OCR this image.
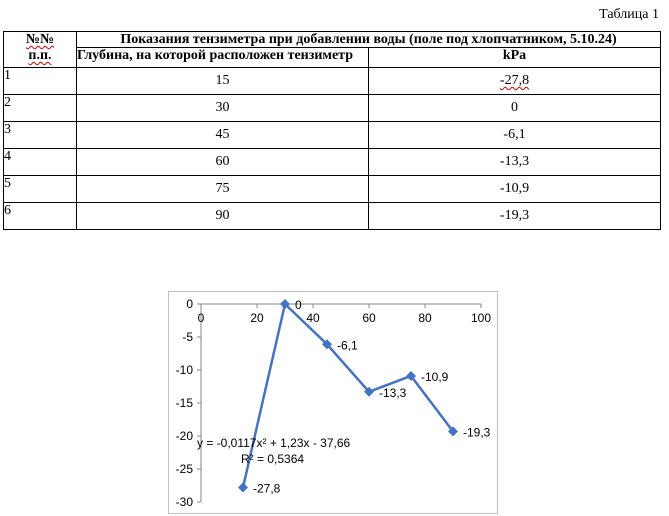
Таблица 1
№№
п.п.	Показания тензиметра при добавлении воды (поле под хлопчатником, 5.10.24)	
	Глубина, на которой расположен тензиметр	kPa
1	15	-27,8
2	30	0
3	45	-6,1
4	60	-13,3
5	75	-10,9
6	90	-19,3
0
-5
-10
-15
-20
-25
-30
0	20	40	60	80	100
-27,8
0
-6,1
-13,3
-10,9
-19,3
y = -0,0117x² + 1,23x - 37,66
R² = 0,5364
